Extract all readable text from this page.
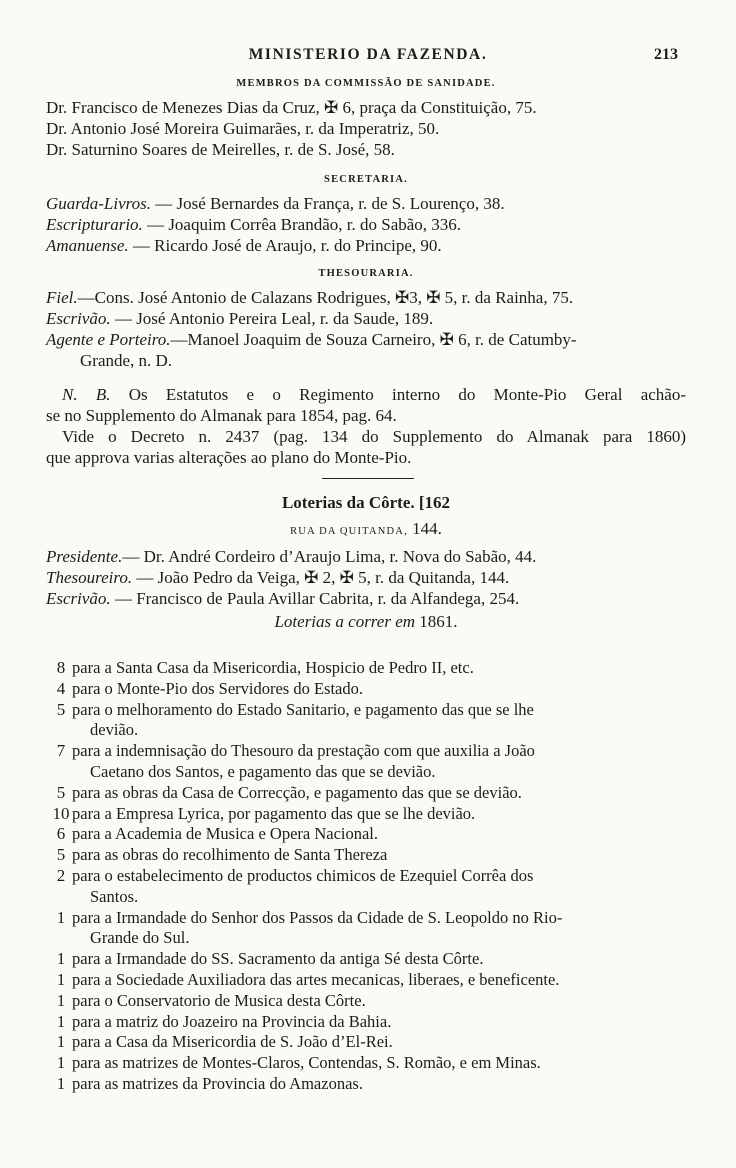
MINISTERIO DA FAZENDA.	213

MEMBROS DA COMMISSÃO DE SANIDADE.

Dr. Francisco de Menezes Dias da Cruz, ✠ 6, praça da Constituição, 75.
Dr. Antonio José Moreira Guimarães, r. da Imperatriz, 50.
Dr. Saturnino Soares de Meirelles, r. de S. José, 58.

SECRETARIA.

Guarda-Livros. — José Bernardes da França, r. de S. Lourenço, 38.
Escripturario. — Joaquim Corrêa Brandão, r. do Sabão, 336.
Amanuense. — Ricardo José de Araujo, r. do Principe, 90.

THESOURARIA.

Fiel.—Cons. José Antonio de Calazans Rodrigues, ✠3, ✠ 5, r. da Rainha, 75.
Escrivão. — José Antonio Pereira Leal, r. da Saude, 189.
Agente e Porteiro.—Manoel Joaquim de Souza Carneiro, ✠ 6, r. de Catumby-
Grande, n. D.
N. B. Os Estatutos e o Regimento interno do Monte-Pio Geral achão-
se no Supplemento do Almanak para 1854, pag. 64.
Vide o Decreto n. 2437 (pag. 134 do Supplemento do Almanak para 1860)
que approva varias alterações ao plano do Monte-Pio.
Loterias da Côrte. [162
RUA DA QUITANDA, 144.
Presidente.— Dr. André Cordeiro d’Araujo Lima, r. Nova do Sabão, 44.
Thesoureiro. — João Pedro da Veiga, ✠ 2, ✠ 5, r. da Quitanda, 144.
Escrivão. — Francisco de Paula Avillar Cabrita, r. da Alfandega, 254.
Loterias a correr em 1861.
8 para a Santa Casa da Misericordia, Hospicio de Pedro II, etc.
4 para o Monte-Pio dos Servidores do Estado.
5 para o melhoramento do Estado Sanitario, e pagamento das que se lhe
devião.
7 para a indemnisação do Thesouro da prestação com que auxilia a João
Caetano dos Santos, e pagamento das que se devião.
5 para as obras da Casa de Correcção, e pagamento das que se devião.
10 para a Empresa Lyrica, por pagamento das que se lhe devião.
6 para a Academia de Musica e Opera Nacional.
5 para as obras do recolhimento de Santa Thereza
2 para o estabelecimento de productos chimicos de Ezequiel Corrêa dos
Santos.
1 para a Irmandade do Senhor dos Passos da Cidade de S. Leopoldo no Rio-
Grande do Sul.
1 para a Irmandade do SS. Sacramento da antiga Sé desta Côrte.
1 para a Sociedade Auxiliadora das artes mecanicas, liberaes, e beneficente.
1 para o Conservatorio de Musica desta Côrte.
1 para a matriz do Joazeiro na Provincia da Bahia.
1 para a Casa da Misericordia de S. João d’El-Rei.
1 para as matrizes de Montes-Claros, Contendas, S. Romão, e em Minas.
1 para as matrizes da Provincia do Amazonas.
